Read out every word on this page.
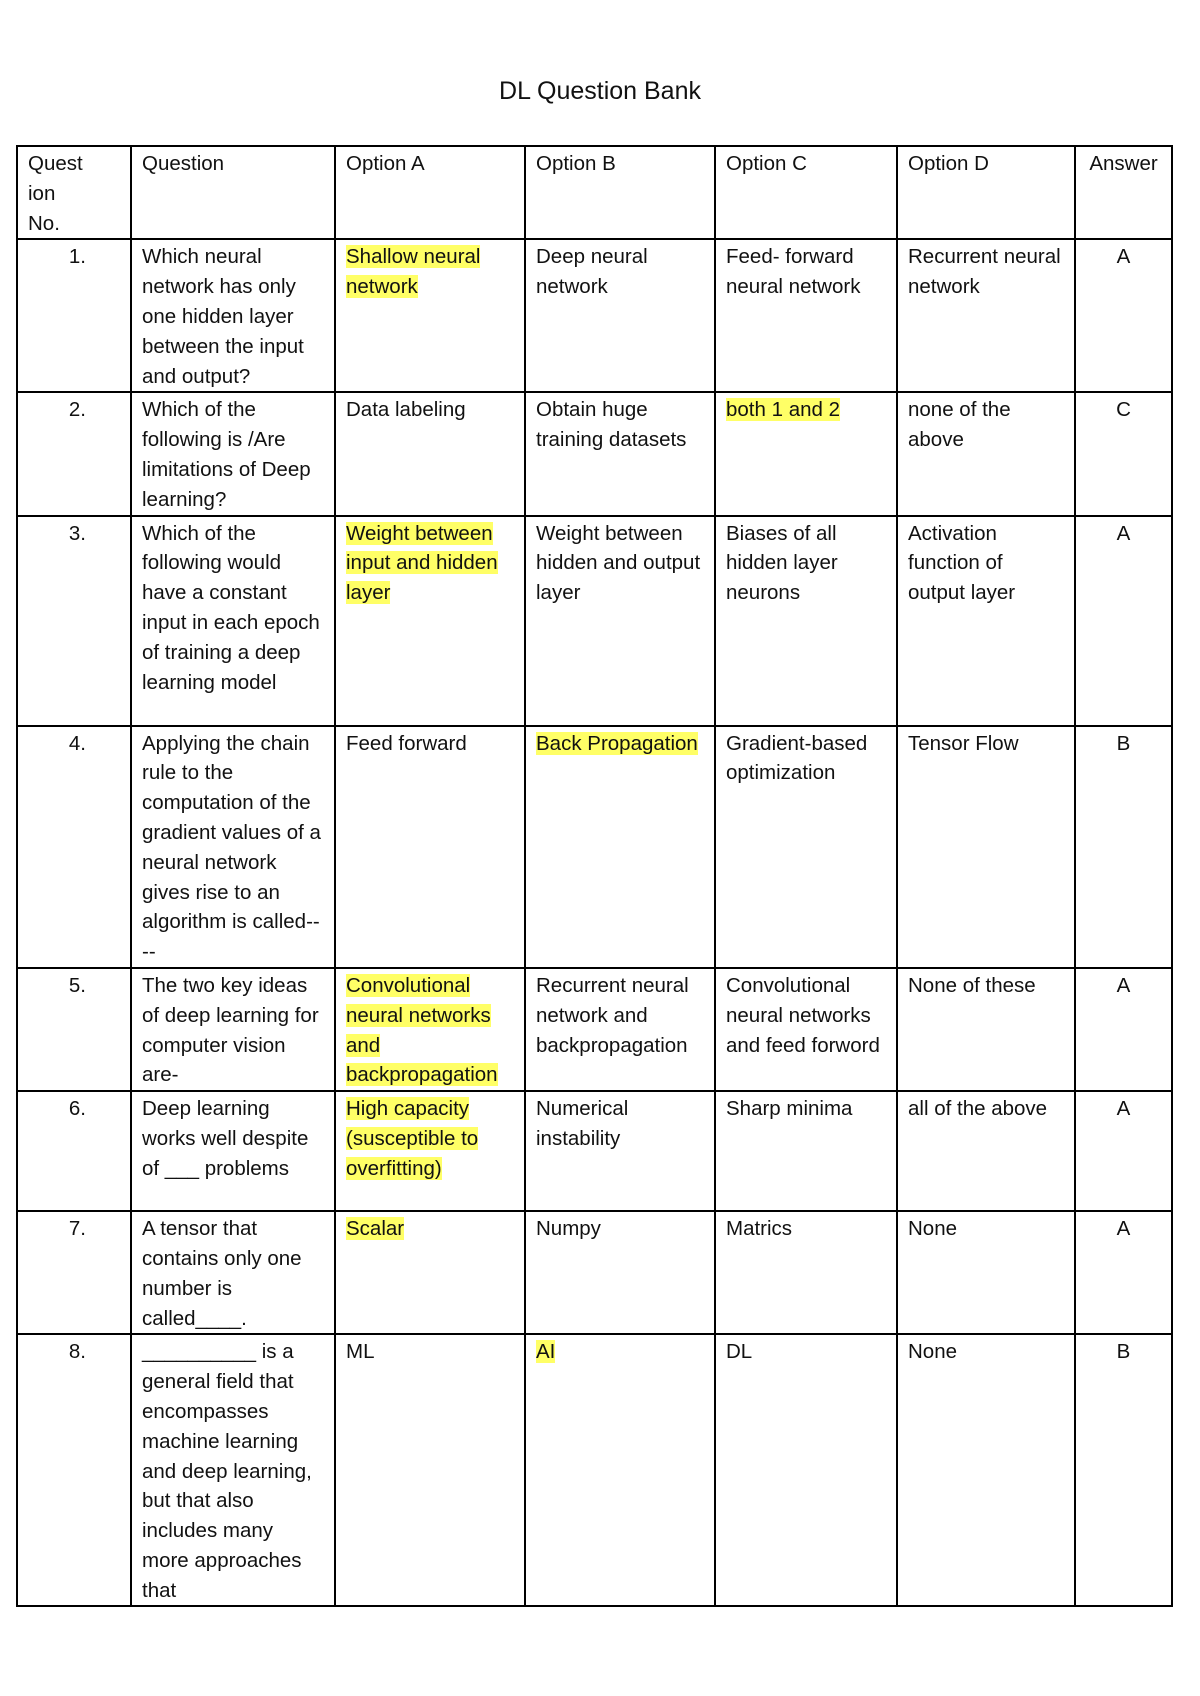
DL Question Bank
Question No.	Question	Option A	Option B	Option C	Option D	Answer
1.	Which neural network has only one hidden layer between the input and output?	Shallow neural network	Deep neural network	Feed- forward neural network	Recurrent neural network	A
2.	Which of the following is /Are limitations of Deep learning?	Data labeling	Obtain huge training datasets	both 1 and 2	none of the above	C
3.	Which of the following would have a constant input in each epoch of training a deep learning model	Weight between input and hidden layer	Weight between hidden and output layer	Biases of all hidden layer neurons	Activation function of output layer	A
4.	Applying the chain rule to the computation of the gradient values of a neural network gives rise to an algorithm is called----	Feed forward	Back Propagation	Gradient-based optimization	Tensor Flow	B
5.	The two key ideas of deep learning for computer vision are-	Convolutional neural networks and backpropagation	Recurrent neural network and backpropagation	Convolutional neural networks and feed forword	None of these	A
6.	Deep learning works well despite of ___ problems	High capacity (susceptible to overfitting)	Numerical instability	Sharp minima	all of the above	A
7.	A tensor that contains only one number is called____.	Scalar	Numpy	Matrics	None	A
8.	__________ is a general field that encompasses machine learning and deep learning, but that also includes many more approaches that	ML	AI	DL	None	B
